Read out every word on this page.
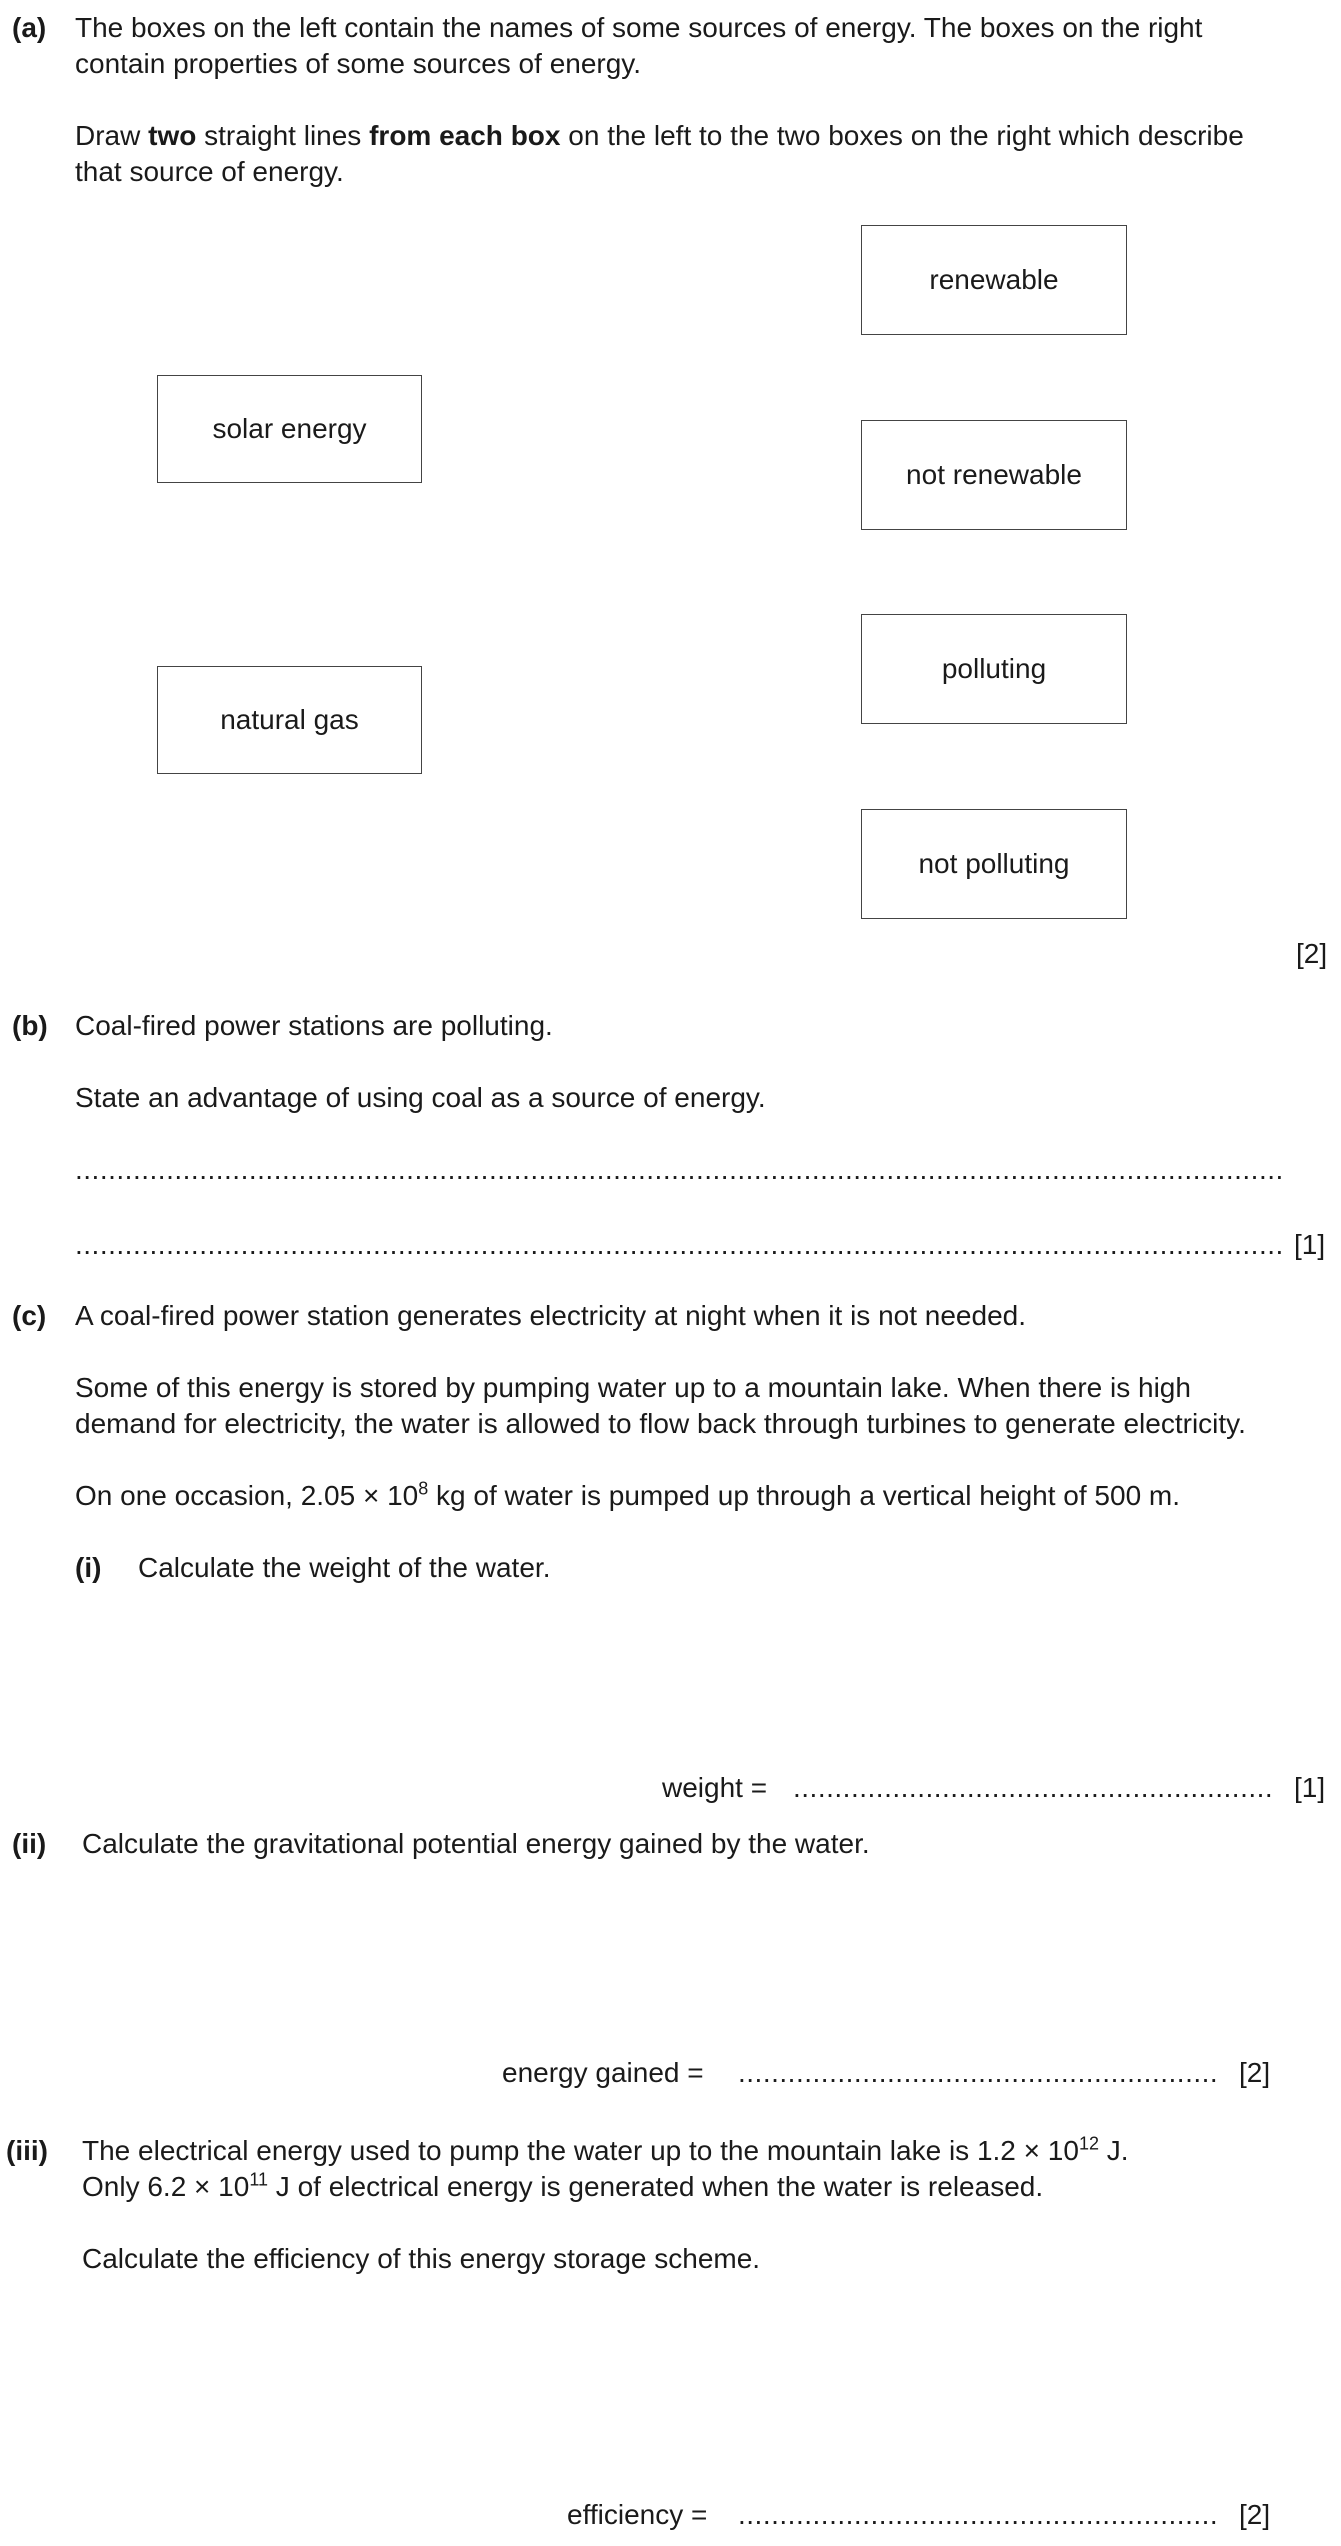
(a) The boxes on the left contain the names of some sources of energy. The boxes on the right
contain properties of some sources of energy.
Draw two straight lines from each box on the left to the two boxes on the right which describe
that source of energy.
solar energy
natural gas
renewable
not renewable
polluting
not polluting
[2]
(b) Coal-fired power stations are polluting.
State an advantage of using coal as a source of energy.
..................................................................................................................................................
.................................................................................................................................................. [1]
(c) A coal-fired power station generates electricity at night when it is not needed.
Some of this energy is stored by pumping water up to a mountain lake. When there is high
demand for electricity, the water is allowed to flow back through turbines to generate electricity.
On one occasion, $2.05 \times 10^8$ kg of water is pumped up through a vertical height of 500 m.
(i) Calculate the weight of the water.
weight = .......................................................... [1]
(ii) Calculate the gravitational potential energy gained by the water.
energy gained = .......................................................... [2]
(iii) The electrical energy used to pump the water up to the mountain lake is $1.2 \times 10^{12}$ J.
Only $6.2 \times 10^{11}$ J of electrical energy is generated when the water is released.
Calculate the efficiency of this energy storage scheme.
efficiency = .......................................................... [2]
